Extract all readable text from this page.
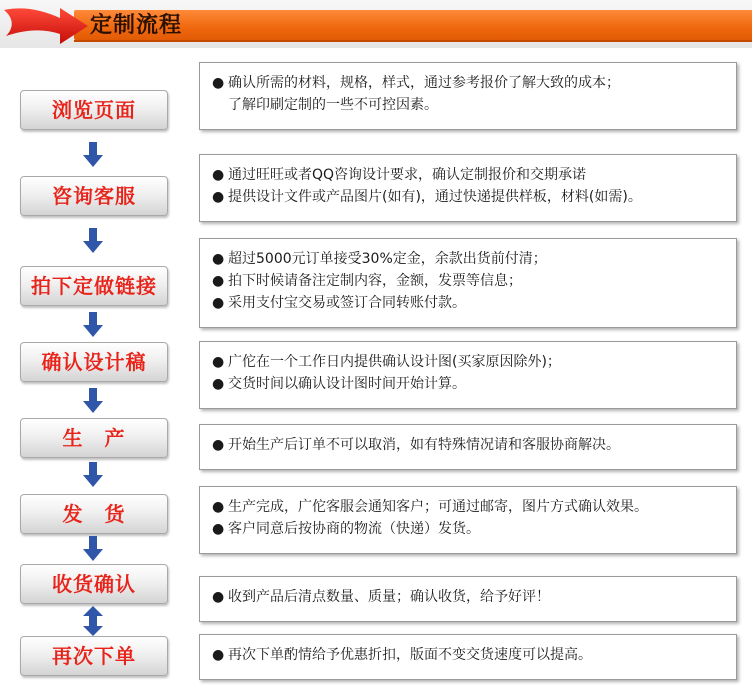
定制流程
浏览页面
● 确认所需的材料，规格，样式，通过参考报价了解大致的成本；
了解印刷定制的一些不可控因素。
咨询客服
● 通过旺旺或者QQ咨询设计要求，确认定制报价和交期承诺
● 提供设计文件或产品图片(如有)，通过快递提供样板，材料(如需)。
拍下定做链接
● 超过5000元订单接受30%定金，余款出货前付清；
● 拍下时候请备注定制内容，金额，发票等信息；
● 采用支付宝交易或签订合同转账付款。
确认设计稿	● 广佗在一个工作日内提供确认设计图(买家原因除外)；
● 交货时间以确认设计图时间开始计算。
生　产	● 开始生产后订单不可以取消，如有特殊情况请和客服协商解决。
发　货	● 生产完成，广佗客服会通知客户；可通过邮寄，图片方式确认效果。
● 客户同意后按协商的物流（快递）发货。
收货确认
● 收到产品后清点数量、质量；确认收货，给予好评！
再次下单	● 再次下单酌情给予优惠折扣，版面不变交货速度可以提高。
